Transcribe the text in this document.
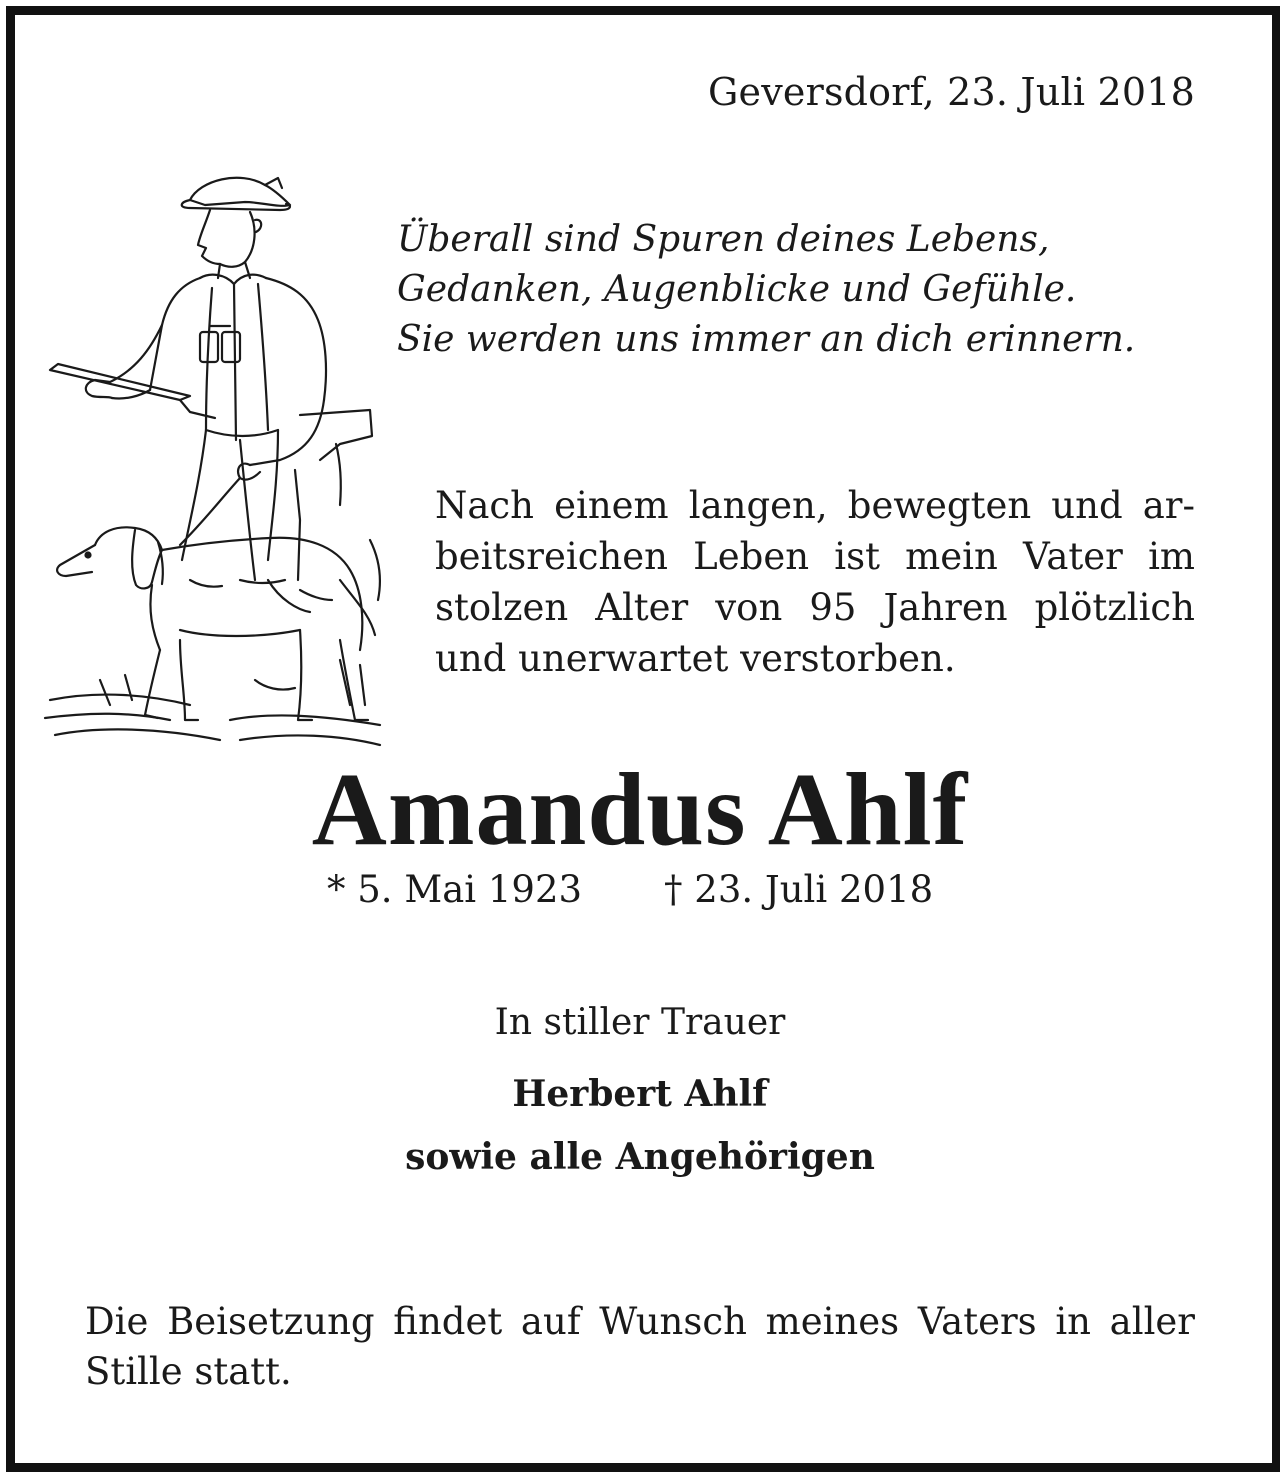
Geversdorf, 23. Juli 2018
Überall sind Spuren deines Lebens,
Gedanken, Augenblicke und Gefühle.
Sie werden uns immer an dich erinnern.
Nach einem langen, bewegten und ar-
beitsreichen Leben ist mein Vater im
stolzen Alter von 95 Jahren plötzlich
und unerwartet verstorben.
Amandus Ahlf
* 5. Mai 1923 † 23. Juli 2018
In stiller Trauer
Herbert Ahlf
sowie alle Angehörigen
Die Beisetzung findet auf Wunsch meines Vaters in aller
Stille statt.
